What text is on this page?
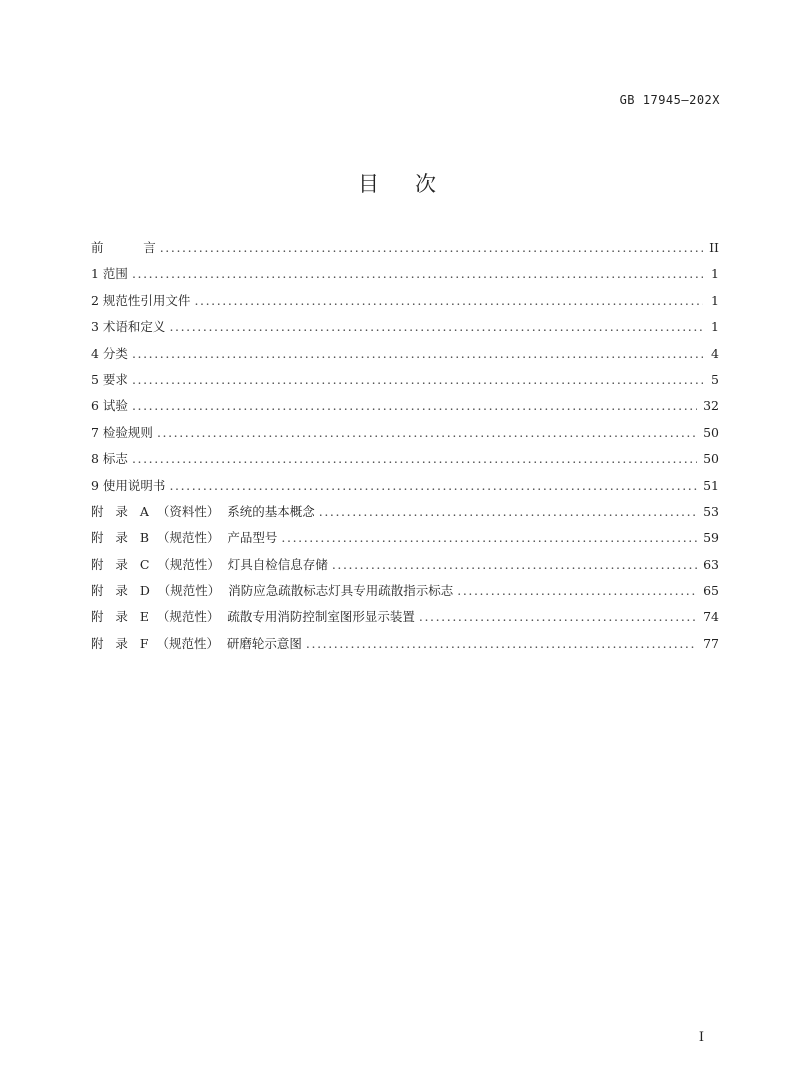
GB 17945—202X
目次
前          言 .....	II
1 范围 .....	1
2 规范性引用文件 .....	1
3 术语和定义 .....	1
4 分类 .....	4
5 要求 .....	5
6 试验 .....	32
7 检验规则 .....	50
8 标志 .....	50
9 使用说明书 .....	51
附   录   A  （资料性）  系统的基本概念 .....	53
附   录   B  （规范性）  产品型号 .....	59
附   录   C  （规范性）  灯具自检信息存储 .....	63
附   录   D  （规范性）  消防应急疏散标志灯具专用疏散指示标志 .....	65
附   录   E  （规范性）  疏散专用消防控制室图形显示装置 .....	74
附   录   F  （规范性）  研磨轮示意图 .....	77
I
